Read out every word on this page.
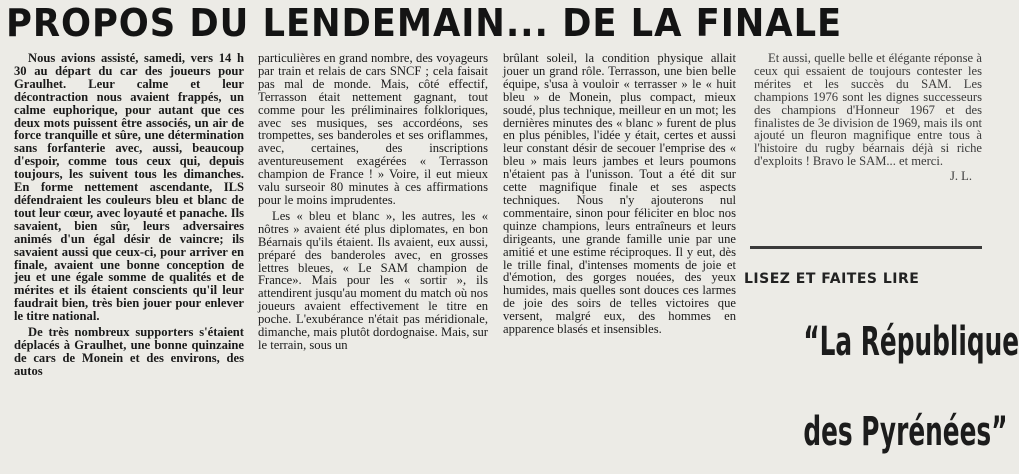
PROPOS DU LENDEMAIN... DE LA FINALE

Nous avions assisté, samedi, vers 14 h 30 au départ du car des joueurs pour Graulhet. Leur calme et leur décontraction nous avaient frappés, un calme euphorique, pour autant que ces deux mots puissent être associés, un air de force tranquille et sûre, une détermination sans forfanterie avec, aussi, beaucoup d'espoir, comme tous ceux qui, depuis toujours, les suivent tous les dimanches. En forme nettement ascendante, ILS défendraient les couleurs bleu et blanc de tout leur cœur, avec loyauté et panache. Ils savaient, bien sûr, leurs adversaires animés d'un égal désir de vaincre; ils savaient aussi que ceux-ci, pour arriver en finale, avaient une bonne conception de jeu et une égale somme de qualités et de mérites et ils étaient conscients qu'il leur faudrait bien, très bien jouer pour enlever le titre national.

De très nombreux supporters s'étaient déplacés à Graulhet, une bonne quinzaine de cars de Monein et des environs, des autos

particulières en grand nombre, des voyageurs par train et relais de cars SNCF ; cela faisait pas mal de monde. Mais, côté effectif, Terrasson était nettement gagnant, tout comme pour les préliminaires folkloriques, avec ses musiques, ses accordéons, ses trompettes, ses banderoles et ses oriflammes, avec, certaines, des inscriptions aventureusement exagérées « Terrasson champion de France ! » Voire, il eut mieux valu surseoir 80 minutes à ces affirmations pour le moins imprudentes.

Les « bleu et blanc », les autres, les « nôtres » avaient été plus diplomates, en bon Béarnais qu'ils étaient. Ils avaient, eux aussi, préparé des banderoles avec, en grosses lettres bleues, « Le SAM champion de France». Mais pour les « sortir », ils attendirent jusqu'au moment du match où nos joueurs avaient effectivement le titre en poche. L'exubérance n'était pas méridionale, dimanche, mais plutôt dordognaise. Mais, sur le terrain, sous un

brûlant soleil, la condition physique allait jouer un grand rôle. Terrasson, une bien belle équipe, s'usa à vouloir « terrasser » le « huit bleu » de Monein, plus compact, mieux soudé, plus technique, meilleur en un mot; les dernières minutes des « blanc » furent de plus en plus pénibles, l'idée y était, certes et aussi leur constant désir de secouer l'emprise des « bleu » mais leurs jambes et leurs poumons n'étaient pas à l'unisson. Tout a été dit sur cette magnifique finale et ses aspects techniques. Nous n'y ajouterons nul commentaire, sinon pour féliciter en bloc nos quinze champions, leurs entraîneurs et leurs dirigeants, une grande famille unie par une amitié et une estime réciproques. Il y eut, dès le trille final, d'intenses moments de joie et d'émotion, des gorges nouées, des yeux humides, mais quelles sont douces ces larmes de joie des soirs de telles victoires que versent, malgré eux, des hommes en apparence blasés et insensibles.

Et aussi, quelle belle et élégante réponse à ceux qui essaient de toujours contester les mérites et les succès du SAM. Les champions 1976 sont les dignes successeurs des champions d'Honneur 1967 et des finalistes de 3e division de 1969, mais ils ont ajouté un fleuron magnifique entre tous à l'histoire du rugby béarnais déjà si riche d'exploits ! Bravo le SAM... et merci.

J. L.
LISEZ ET FAITES LIRE
“La République
des Pyrénées”
